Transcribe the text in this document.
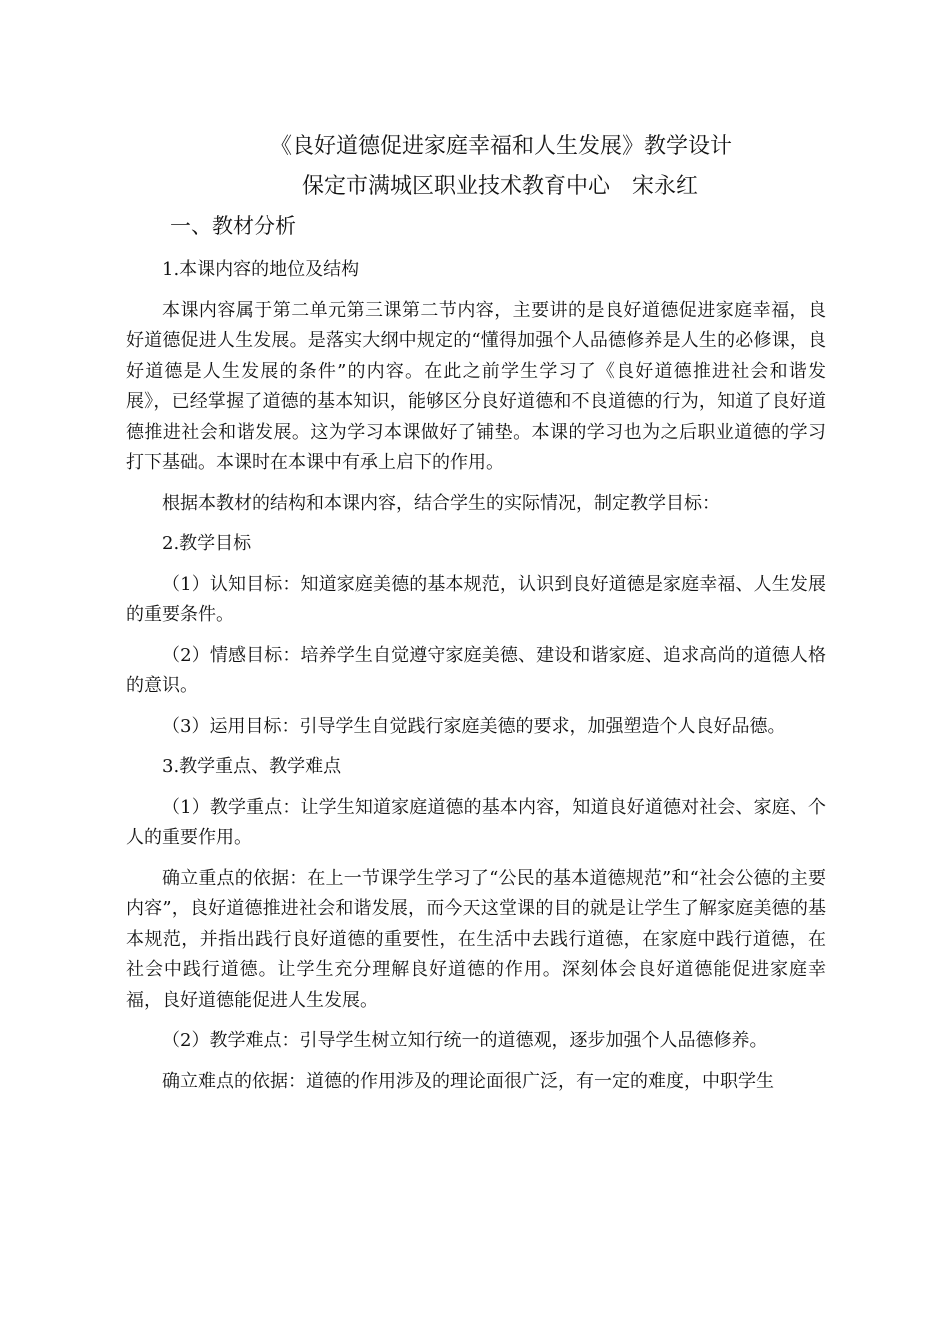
《良好道德促进家庭幸福和人生发展》教学设计
保定市满城区职业技术教育中心　宋永红
一、教材分析

1.本课内容的地位及结构

本课内容属于第二单元第三课第二节内容，主要讲的是良好道德促进家庭幸福，良好道德促进人生发展。是落实大纲中规定的“懂得加强个人品德修养是人生的必修课，良好道德是人生发展的条件”的内容。在此之前学生学习了《良好道德推进社会和谐发展》，已经掌握了道德的基本知识，能够区分良好道德和不良道德的行为，知道了良好道德推进社会和谐发展。这为学习本课做好了铺垫。本课的学习也为之后职业道德的学习打下基础。本课时在本课中有承上启下的作用。

根据本教材的结构和本课内容，结合学生的实际情况，制定教学目标：

2.教学目标

（1）认知目标：知道家庭美德的基本规范，认识到良好道德是家庭幸福、人生发展的重要条件。

（2）情感目标：培养学生自觉遵守家庭美德、建设和谐家庭、追求高尚的道德人格的意识。

（3）运用目标：引导学生自觉践行家庭美德的要求，加强塑造个人良好品德。

3.教学重点、教学难点

（1）教学重点：让学生知道家庭道德的基本内容，知道良好道德对社会、家庭、个人的重要作用。

确立重点的依据：在上一节课学生学习了“公民的基本道德规范”和“社会公德的主要内容”，良好道德推进社会和谐发展，而今天这堂课的目的就是让学生了解家庭美德的基本规范，并指出践行良好道德的重要性，在生活中去践行道德，在家庭中践行道德，在社会中践行道德。让学生充分理解良好道德的作用。深刻体会良好道德能促进家庭幸福，良好道德能促进人生发展。

（2）教学难点：引导学生树立知行统一的道德观，逐步加强个人品德修养。

确立难点的依据：道德的作用涉及的理论面很广泛，有一定的难度，中职学生
